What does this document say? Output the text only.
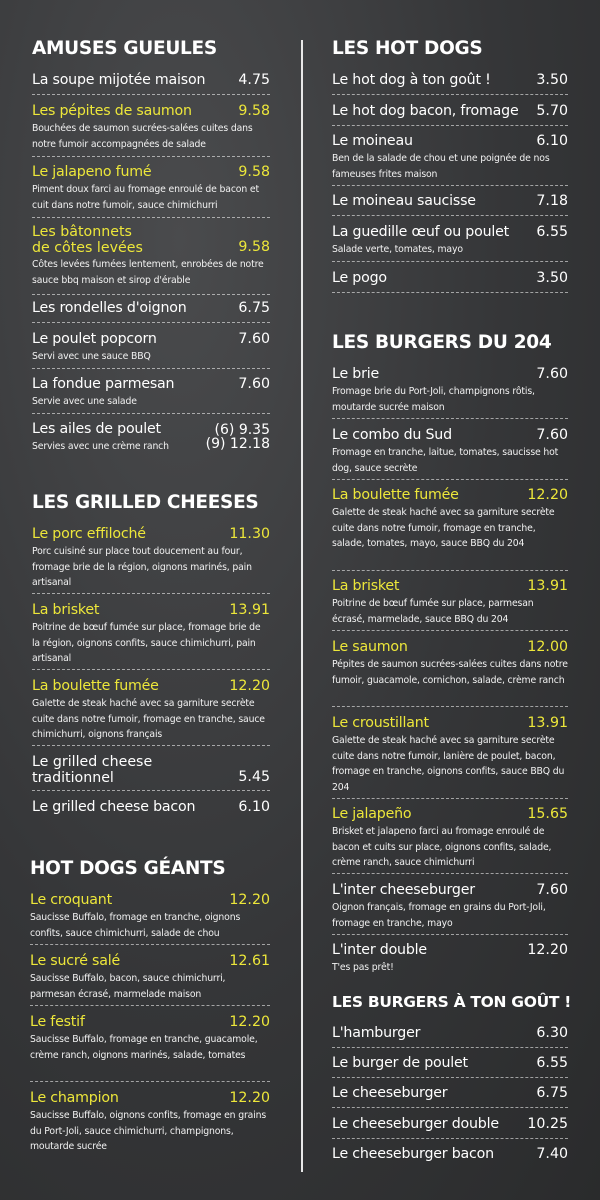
AMUSES GUEULES
La soupe mijotée maison 4.75
Les pépites de saumon	9.58
Bouchées de saumon sucrées-salées cuites dans notre fumoir accompagnées de salade
Le jalapeno fumé	9.58
Piment doux farci au fromage enroulé de bacon et cuit dans notre fumoir, sauce chimichurri
Les bâtonnets
de côtes levées	9.58
Côtes levées fumées lentement, enrobées de notre sauce bbq maison et sirop d'érable
Les rondelles d'oignon	6.75
Le poulet popcorn	7.60
Servi avec une sauce BBQ
La fondue parmesan	7.60
Servie avec une salade
Les ailes de poulet	(6) 9.35
(9) 12.18
Servies avec une crème ranch
LES GRILLED CHEESES
Le porc effiloché	11.30
Porc cuisiné sur place tout doucement au four, fromage brie de la région, oignons marinés, pain artisanal
La brisket	13.91
Poitrine de bœuf fumée sur place, fromage brie de la région, oignons confits, sauce chimichurri, pain artisanal
La boulette fumée	12.20
Galette de steak haché avec sa garniture secrète cuite dans notre fumoir, fromage en tranche, sauce chimichurri, oignons français
Le grilled cheese
traditionnel	5.45
Le grilled cheese bacon	6.10
HOT DOGS GÉANTS
Le croquant	12.20
Saucisse Buffalo, fromage en tranche, oignons confits, sauce chimichurri, salade de chou
Le sucré salé	12.61
Saucisse Buffalo, bacon, sauce chimichurri, parmesan écrasé, marmelade maison
Le festif	12.20
Saucisse Buffalo, fromage en tranche, guacamole, crème ranch, oignons marinés, salade, tomates
Le champion	12.20
Saucisse Buffalo, oignons confits, fromage en grains du Port-Joli, sauce chimichurri, champignons, moutarde sucrée
LES HOT DOGS
Le hot dog à ton goût !	3.50
Le hot dog bacon, fromage 5.70
Le moineau	6.10
Ben de la salade de chou et une poignée de nos fameuses frites maison
Le moineau saucisse	7.18
La guedille œuf ou poulet 6.55
Salade verte, tomates, mayo
Le pogo	3.50
LES BURGERS DU 204
Le brie	7.60
Fromage brie du Port-Joli, champignons rôtis, moutarde sucrée maison
Le combo du Sud	7.60
Fromage en tranche, laitue, tomates, saucisse hot dog, sauce secrète
La boulette fumée	12.20
Galette de steak haché avec sa garniture secrète cuite dans notre fumoir, fromage en tranche, salade, tomates, mayo, sauce BBQ du 204
La brisket	13.91
Poitrine de bœuf fumée sur place, parmesan écrasé, marmelade, sauce BBQ du 204
Le saumon	12.00
Pépites de saumon sucrées-salées cuites dans notre fumoir, guacamole, cornichon, salade, crème ranch
Le croustillant	13.91
Galette de steak haché avec sa garniture secrète cuite dans notre fumoir, lanière de poulet, bacon, fromage en tranche, oignons confits, sauce BBQ du 204
Le jalapeño	15.65
Brisket et jalapeno farci au fromage enroulé de bacon et cuits sur place, oignons confits, salade, crème ranch, sauce chimichurri
L'inter cheeseburger	7.60
Oignon français, fromage en grains du Port-Joli, fromage en tranche, mayo
L'inter double	12.20
T'es pas prêt!
LES BURGERS À TON GOÛT !
L'hamburger	6.30
Le burger de poulet	6.55
Le cheeseburger	6.75
Le cheeseburger double 10.25
Le cheeseburger bacon	7.40
